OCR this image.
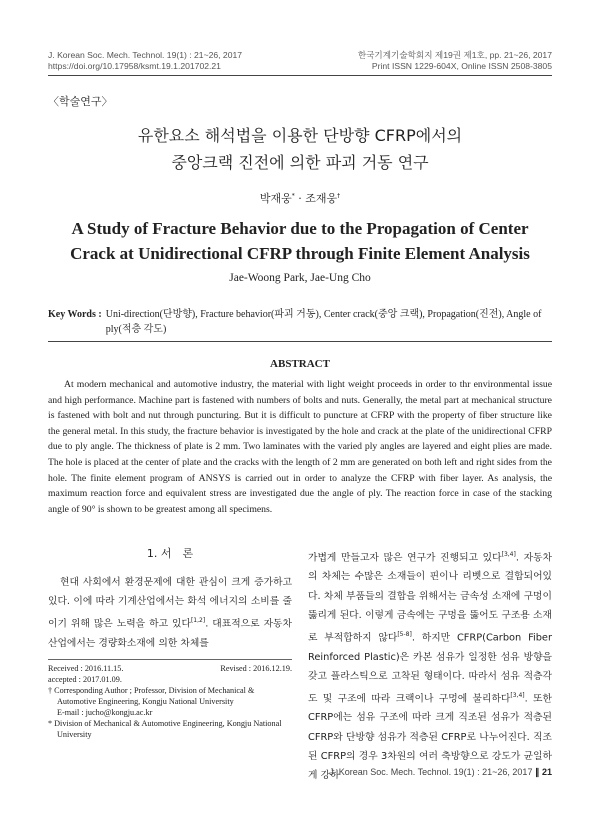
J. Korean Soc. Mech. Technol. 19(1) : 21~26, 2017
https://doi.org/10.17958/ksmt.19.1.201702.21
한국기계기술학회지 제19권 제1호, pp. 21~26, 2017
Print ISSN 1229-604X, Online ISSN 2508-3805
〈학술연구〉
유한요소 해석법을 이용한 단방향 CFRP에서의
중앙크랙 진전에 의한 파괴 거동 연구
박재웅* · 조재웅†
A Study of Fracture Behavior due to the Propagation of Center
Crack at Unidirectional CFRP through Finite Element Analysis
Jae-Woong Park, Jae-Ung Cho
Key Words : Uni-direction(단방향), Fracture behavior(파괴 거동), Center crack(중앙 크랙), Propagation(진전), Angle of ply(적층 각도)
ABSTRACT

At modern mechanical and automotive industry, the material with light weight proceeds in order to thr environmental issue and high performance. Machine part is fastened with numbers of bolts and nuts. Generally, the metal part at mechanical structure is fastened with bolt and nut through puncturing. But it is difficult to puncture at CFRP with the property of fiber structure like the general metal. In this study, the fracture behavior is investigated by the hole and crack at the plate of the unidirectional CFRP due to ply angle. The thickness of plate is 2 mm. Two laminates with the varied ply angles are layered and eight plies are made. The hole is placed at the center of plate and the cracks with the length of 2 mm are generated on both left and right sides from the hole. The finite element program of ANSYS is carried out in order to analyze the CFRP with fiber layer. As analysis, the maximum reaction force and equivalent stress are investigated due the angle of ply. The reaction force in case of the stacking angle of 90° is shown to be greatest among all specimens.

1. 서　론
현대 사회에서 환경문제에 대한 관심이 크게 증가하고 있다. 이에 따라 기계산업에서는 화석 에너지의 소비를 줄이기 위해 많은 노력을 하고 있다[1,2]. 대표적으로 자동차 산업에서는 경량화소재에 의한 차체를
Received : 2016.11.15.	Revised : 2016.12.19.
accepted : 2017.01.09.
† Corresponding Author ; Professor, Division of Mechanical & Automotive Engineering, Kongju National University
E-mail : jucho@kongju.ac.kr
* Division of Mechanical & Automotive Engineering, Kongju National University
가볍게 만들고자 많은 연구가 진행되고 있다[3,4]. 자동차의 차체는 수많은 소재들이 핀이나 리벳으로 결합되어있다. 차체 부품들의 결합을 위해서는 금속성 소재에 구멍이 뚫리게 된다. 이렇게 금속에는 구멍을 뚫어도 구조용 소재로 부적합하지 않다[5-8]. 하지만 CFRP(Carbon Fiber Reinforced Plastic)은 카본 섬유가 일정한 섬유 방향을 갖고 플라스틱으로 고착된 형태이다. 따라서 섬유 적층각도 및 구조에 따라 크랙이나 구멍에 불리하다[3,4]. 또한 CFRP에는 섬유 구조에 따라 크게 직조된 섬유가 적층된 CFRP와 단방향 섬유가 적층된 CFRP로 나누어진다. 직조된 CFRP의 경우 3차원의 여러 축방향으로 강도가 균일하게 강하
J. Korean Soc. Mech. Technol. 19(1) : 21~26, 2017 ∥ 21
